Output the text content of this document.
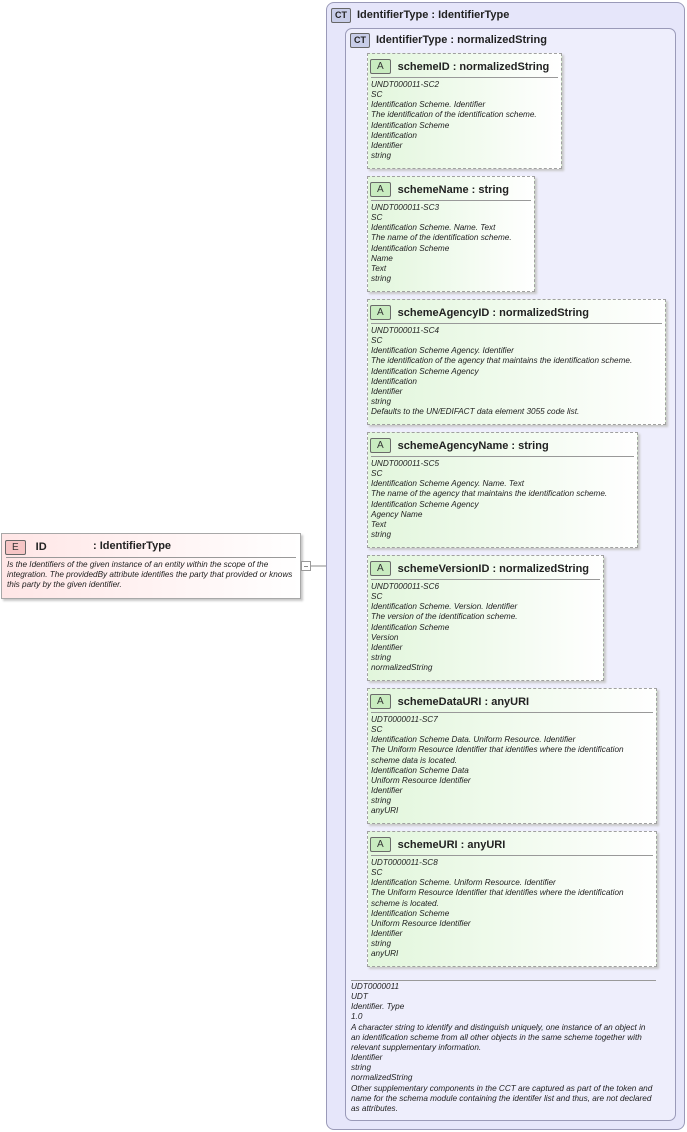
E	ID	: IdentifierType
Is the Identifiers of the given instance of an entity within the scope of the integration. The providedBy attribute identifies the party that provided or knows this party by the given identifier.
CT IdentifierType : IdentifierType
CT IdentifierType : normalizedString
A	schemeID : normalizedString
UNDT000011-SC2
SC
Identification Scheme. Identifier
The identification of the identification scheme.
Identification Scheme
Identification
Identifier
string
A	schemeName : string
UNDT000011-SC3
SC
Identification Scheme. Name. Text
The name of the identification scheme.
Identification Scheme
Name
Text
string
A	schemeAgencyID : normalizedString
UNDT000011-SC4
SC
Identification Scheme Agency. Identifier
The identification of the agency that maintains the identification scheme.
Identification Scheme Agency
Identification
Identifier
string
Defaults to the UN/EDIFACT data element 3055 code list.
A	schemeAgencyName : string
UNDT000011-SC5
SC
Identification Scheme Agency. Name. Text
The name of the agency that maintains the identification scheme.
Identification Scheme Agency
Agency Name
Text
string
A	schemeVersionID : normalizedString
UNDT000011-SC6
SC
Identification Scheme. Version. Identifier
The version of the identification scheme.
Identification Scheme
Version
Identifier
string
normalizedString
A	schemeDataURI : anyURI
UDT0000011-SC7
SC
Identification Scheme Data. Uniform Resource. Identifier
The Uniform Resource Identifier that identifies where the identification scheme data is located.
Identification Scheme Data
Uniform Resource Identifier
Identifier
string
anyURI
A	schemeURI : anyURI
UDT0000011-SC8
SC
Identification Scheme. Uniform Resource. Identifier
The Uniform Resource Identifier that identifies where the identification scheme is located.
Identification Scheme
Uniform Resource Identifier
Identifier
string
anyURI
UDT0000011
UDT
Identifier. Type
1.0
A character string to identify and distinguish uniquely, one instance of an object in an identification scheme from all other objects in the same scheme together with relevant supplementary information.
Identifier
string
normalizedString
Other supplementary components in the CCT are captured as part of the token and name for the schema module containing the identifer list and thus, are not declared as attributes.
